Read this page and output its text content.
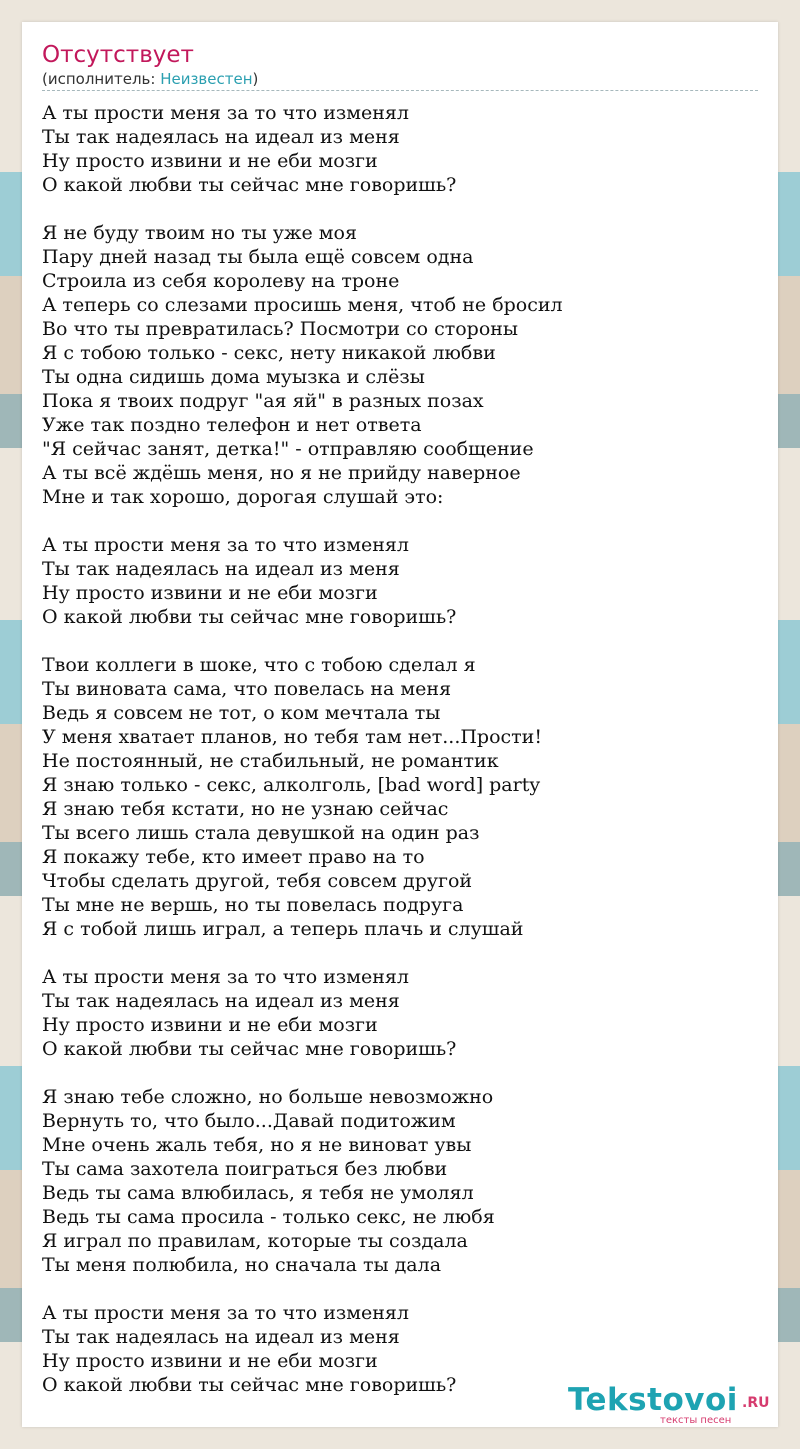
Отсутствует
(исполнитель: Неизвестен)
А ты прости меня за то что изменял
Ты так надеялась на идеал из меня
Ну просто извини и не еби мозги
О какой любви ты сейчас мне говоришь?
Я не буду твоим но ты уже моя
Пару дней назад ты была ещё совсем одна
Строила из себя королеву на троне
А теперь со слезами просишь меня, чтоб не бросил
Во что ты превратилась? Посмотри со стороны
Я с тобою только - секс, нету никакой любви
Ты одна сидишь дома муызка и слёзы
Пока я твоих подруг "ая яй" в разных позах
Уже так поздно телефон и нет ответа
"Я сейчас занят, детка!" - отправляю сообщение
А ты всё ждёшь меня, но я не прийду наверное
Мне и так хорошо, дорогая слушай это:
А ты прости меня за то что изменял
Ты так надеялась на идеал из меня
Ну просто извини и не еби мозги
О какой любви ты сейчас мне говоришь?
Твои коллеги в шоке, что с тобою сделал я
Ты виновата сама, что повелась на меня
Ведь я совсем не тот, о ком мечтала ты
У меня хватает планов, но тебя там нет...Прости!
Не постоянный, не стабильный, не романтик
Я знаю только - секс, алколголь, [bad word] party
Я знаю тебя кстати, но не узнаю сейчас
Ты всего лишь стала девушкой на один раз
Я покажу тебе, кто имеет право на то
Чтобы сделать другой, тебя совсем другой
Ты мне не вершь, но ты повелась подруга
Я с тобой лишь играл, а теперь плачь и слушай
А ты прости меня за то что изменял
Ты так надеялась на идеал из меня
Ну просто извини и не еби мозги
О какой любви ты сейчас мне говоришь?
Я знаю тебе сложно, но больше невозможно
Вернуть то, что было...Давай подитожим
Мне очень жаль тебя, но я не виноват увы
Ты сама захотела поиграться без любви
Ведь ты сама влюбилась, я тебя не умолял
Ведь ты сама просила - только секс, не любя
Я играл по правилам, которые ты создала
Ты меня полюбила, но сначала ты дала
А ты прости меня за то что изменял
Ты так надеялась на идеал из меня
Ну просто извини и не еби мозги
О какой любви ты сейчас мне говоришь?	Tekstovoi .RU
тексты песен
